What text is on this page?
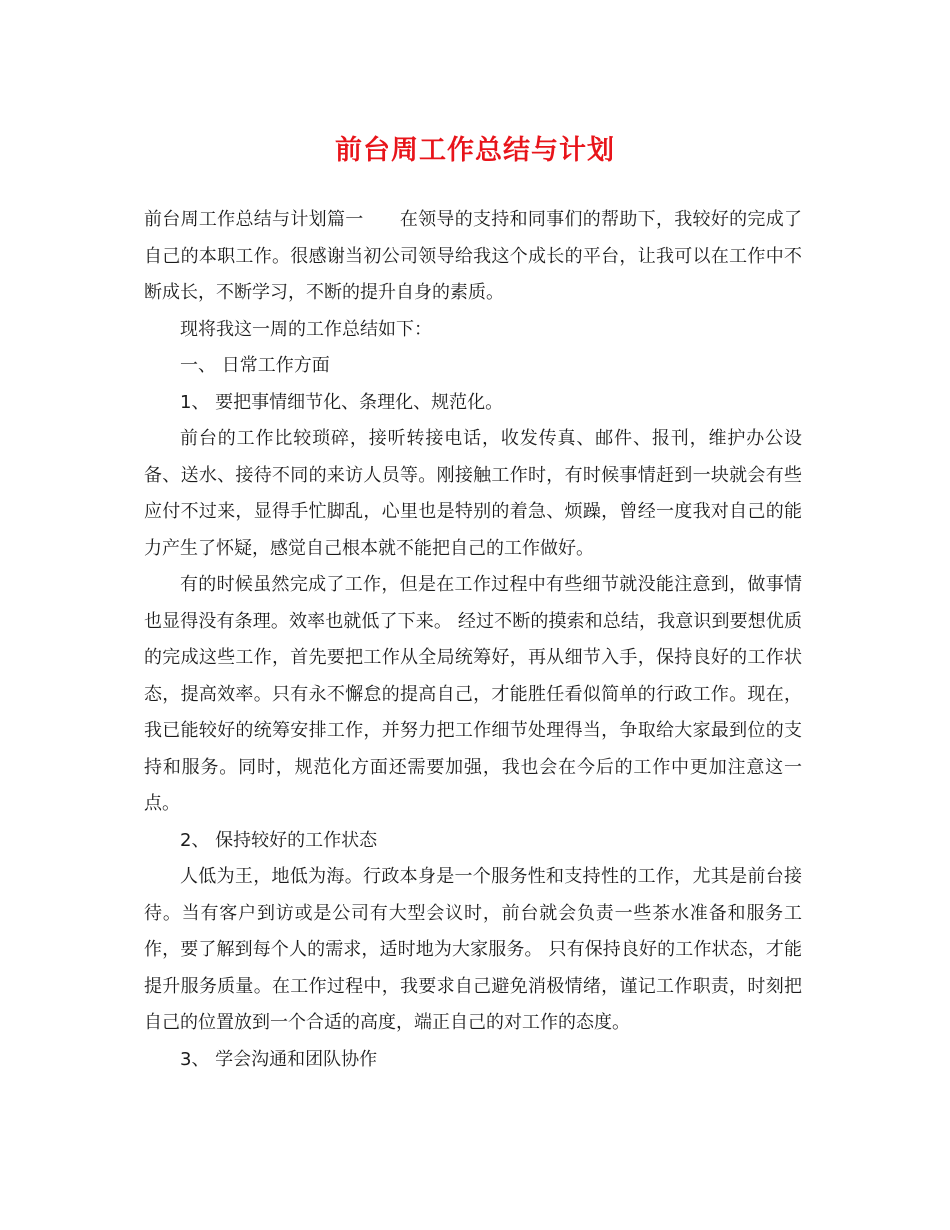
前台周工作总结与计划

前台周工作总结与计划篇一 在领导的支持和同事们的帮助下，我较好的完成了自己的本职工作。很感谢当初公司领导给我这个成长的平台，让我可以在工作中不断成长，不断学习，不断的提升自身的素质。

现将我这一周的工作总结如下：

一、 日常工作方面

1、 要把事情细节化、条理化、规范化。

前台的工作比较琐碎，接听转接电话，收发传真、邮件、报刊，维护办公设备、送水、接待不同的来访人员等。刚接触工作时，有时候事情赶到一块就会有些应付不过来，显得手忙脚乱，心里也是特别的着急、烦躁，曾经一度我对自己的能力产生了怀疑，感觉自己根本就不能把自己的工作做好。

有的时候虽然完成了工作，但是在工作过程中有些细节就没能注意到，做事情也显得没有条理。效率也就低了下来。 经过不断的摸索和总结，我意识到要想优质的完成这些工作，首先要把工作从全局统筹好，再从细节入手，保持良好的工作状态，提高效率。只有永不懈怠的提高自己，才能胜任看似简单的行政工作。现在，我已能较好的统筹安排工作，并努力把工作细节处理得当，争取给大家最到位的支持和服务。同时，规范化方面还需要加强，我也会在今后的工作中更加注意这一点。

2、 保持较好的工作状态

人低为王，地低为海。行政本身是一个服务性和支持性的工作，尤其是前台接待。当有客户到访或是公司有大型会议时，前台就会负责一些茶水准备和服务工作，要了解到每个人的需求，适时地为大家服务。 只有保持良好的工作状态，才能提升服务质量。在工作过程中，我要求自己避免消极情绪，谨记工作职责，时刻把自己的位置放到一个合适的高度，端正自己的对工作的态度。

3、 学会沟通和团队协作
